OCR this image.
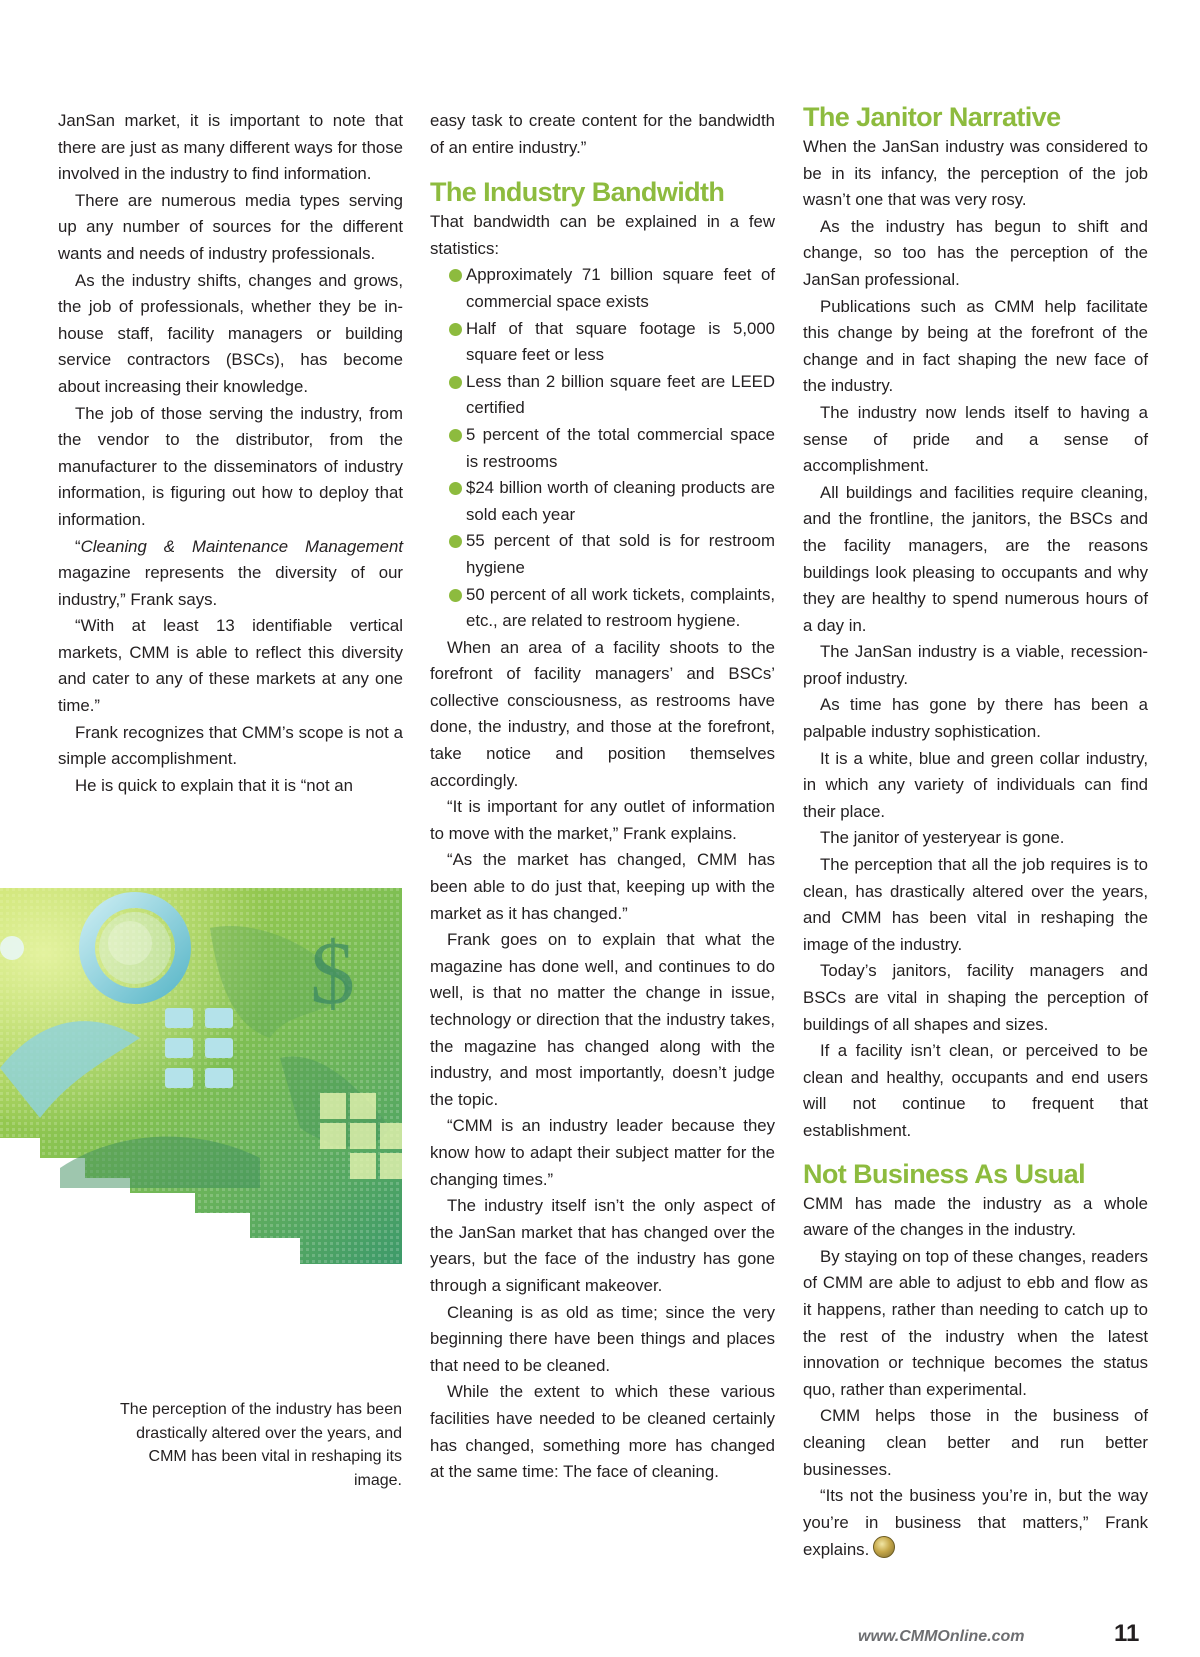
JanSan market, it is important to note that there are just as many different ways for those involved in the industry to find information.

There are numerous media types serving up any number of sources for the different wants and needs of industry professionals.

As the industry shifts, changes and grows, the job of professionals, whether they be in-house staff, facility managers or building service contractors (BSCs), has become about increasing their knowledge.

The job of those serving the industry, from the vendor to the distributor, from the manufacturer to the disseminators of industry information, is figuring out how to deploy that information.

“Cleaning & Maintenance Management magazine represents the diversity of our industry,” Frank says.

“With at least 13 identifiable vertical markets, CMM is able to reflect this diversity and cater to any of these markets at any one time.”

Frank recognizes that CMM’s scope is not a simple accomplishment.

He is quick to explain that it is “not an

$
The perception of the industry has been drastically altered over the years, and CMM has been vital in reshaping its image.

easy task to create content for the bandwidth of an entire industry.”

The Industry Bandwidth

That bandwidth can be explained in a few statistics:

Approximately 71 billion square feet of commercial space exists
Half of that square footage is 5,000 square feet or less
Less than 2 billion square feet are LEED certified
5 percent of the total commercial space is restrooms
$24 billion worth of cleaning products are sold each year
55 percent of that sold is for restroom hygiene
50 percent of all work tickets, complaints, etc., are related to restroom hygiene.

When an area of a facility shoots to the forefront of facility managers’ and BSCs’ collective consciousness, as restrooms have done, the industry, and those at the forefront, take notice and position themselves accordingly.

“It is important for any outlet of information to move with the market,” Frank explains.

“As the market has changed, CMM has been able to do just that, keeping up with the market as it has changed.”

Frank goes on to explain that what the magazine has done well, and continues to do well, is that no matter the change in issue, technology or direction that the industry takes, the magazine has changed along with the industry, and most importantly, doesn’t judge the topic.

“CMM is an industry leader because they know how to adapt their subject matter for the changing times.”

The industry itself isn’t the only aspect of the JanSan market that has changed over the years, but the face of the industry has gone through a significant makeover.

Cleaning is as old as time; since the very beginning there have been things and places that need to be cleaned.

While the extent to which these various facilities have needed to be cleaned certainly has changed, something more has changed at the same time: The face of cleaning.

The Janitor Narrative

When the JanSan industry was considered to be in its infancy, the perception of the job wasn’t one that was very rosy.

As the industry has begun to shift and change, so too has the perception of the JanSan professional.

Publications such as CMM help facilitate this change by being at the forefront of the change and in fact shaping the new face of the industry.

The industry now lends itself to having a sense of pride and a sense of accomplishment.

All buildings and facilities require cleaning, and the frontline, the janitors, the BSCs and the facility managers, are the reasons buildings look pleasing to occupants and why they are healthy to spend numerous hours of a day in.

The JanSan industry is a viable, recession-proof industry.

As time has gone by there has been a palpable industry sophistication.

It is a white, blue and green collar industry, in which any variety of individuals can find their place.

The janitor of yesteryear is gone.

The perception that all the job requires is to clean, has drastically altered over the years, and CMM has been vital in reshaping the image of the industry.

Today’s janitors, facility managers and BSCs are vital in shaping the perception of buildings of all shapes and sizes.

If a facility isn’t clean, or perceived to be clean and healthy, occupants and end users will not continue to frequent that establishment.

Not Business As Usual

CMM has made the industry as a whole aware of the changes in the industry.

By staying on top of these changes, readers of CMM are able to adjust to ebb and flow as it happens, rather than needing to catch up to the rest of the industry when the latest innovation or technique becomes the status quo, rather than experimental.

CMM helps those in the business of cleaning clean better and run better businesses.

“Its not the business you’re in, but the way you’re in business that matters,” Frank explains.

www.CMMOnline.com	11
